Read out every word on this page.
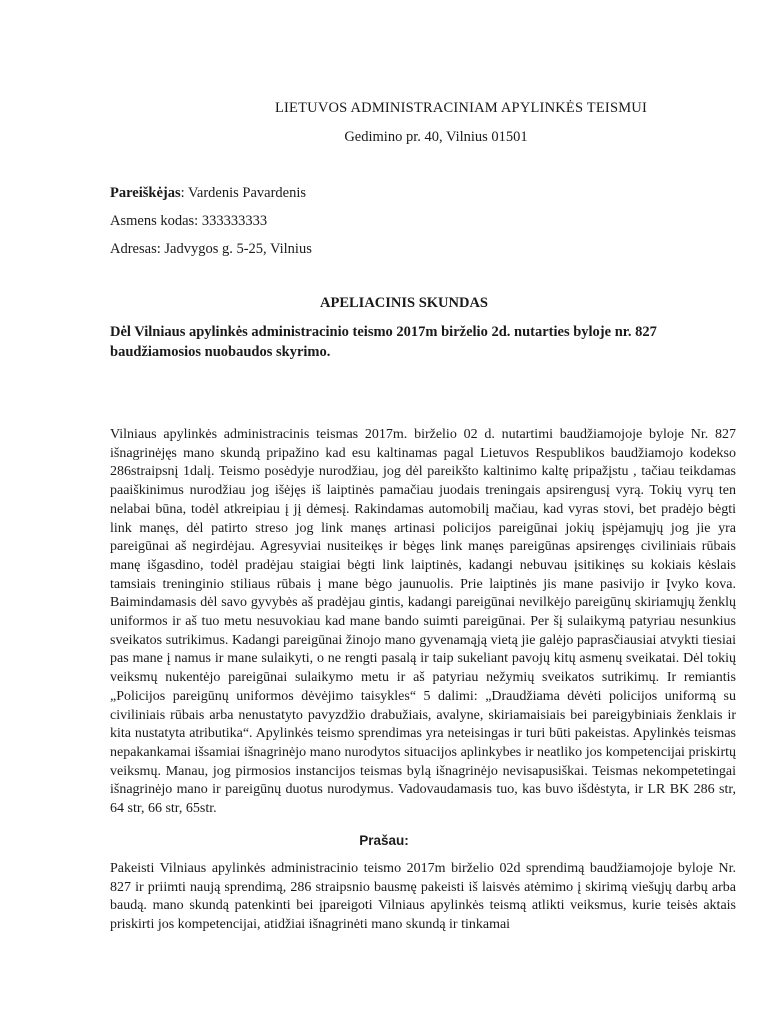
LIETUVOS ADMINISTRACINIAM APYLINKĖS TEISMUI
Gedimino pr. 40, Vilnius 01501
Pareiškėjas: Vardenis Pavardenis
Asmens kodas: 333333333
Adresas: Jadvygos g. 5-25, Vilnius
APELIACINIS SKUNDAS
Dėl Vilniaus apylinkės administracinio teismo 2017m birželio 2d. nutarties byloje nr. 827 baudžiamosios nuobaudos skyrimo.

Vilniaus apylinkės administracinis teismas 2017m. birželio 02 d. nutartimi baudžiamojoje byloje Nr. 827 išnagrinėjęs mano skundą pripažino kad esu kaltinamas pagal Lietuvos Respublikos baudžiamojo kodekso 286straipsnį 1dalį. Teismo posėdyje nurodžiau, jog dėl pareikšto kaltinimo kaltę pripažįstu , tačiau teikdamas paaiškinimus nurodžiau jog išėjęs iš laiptinės pamačiau juodais treningais apsirengusį vyrą. Tokių vyrų ten nelabai būna, todėl atkreipiau į jį dėmesį. Rakindamas automobilį mačiau, kad vyras stovi, bet pradėjo bėgti link manęs, dėl patirto streso jog link manęs artinasi policijos pareigūnai jokių įspėjamųjų jog jie yra pareigūnai aš negirdėjau. Agresyviai nusiteikęs ir bėgęs link manęs pareigūnas apsirengęs civiliniais rūbais manę išgasdino, todėl pradėjau staigiai bėgti link laiptinės, kadangi nebuvau įsitikinęs su kokiais kėslais tamsiais treninginio stiliaus rūbais į mane bėgo jaunuolis. Prie laiptinės jis mane pasivijo ir Įvyko kova. Baimindamasis dėl savo gyvybės aš pradėjau gintis, kadangi pareigūnai nevilkėjo pareigūnų skiriamųjų ženklų uniformos ir aš tuo metu nesuvokiau kad mane bando suimti pareigūnai. Per šį sulaikymą patyriau nesunkius sveikatos sutrikimus. Kadangi pareigūnai žinojo mano gyvenamąją vietą jie galėjo paprasčiausiai atvykti tiesiai pas mane į namus ir mane sulaikyti, o ne rengti pasalą ir taip sukeliant pavojų kitų asmenų sveikatai. Dėl tokių veiksmų nukentėjo pareigūnai sulaikymo metu ir aš patyriau nežymių sveikatos sutrikimų. Ir remiantis „Policijos pareigūnų uniformos dėvėjimo taisykles“ 5 dalimi: „Draudžiama dėvėti policijos uniformą su civiliniais rūbais arba nenustatyto pavyzdžio drabužiais, avalyne, skiriamaisiais bei pareigybiniais ženklais ir kita nustatyta atributika“. Apylinkės teismo sprendimas yra neteisingas ir turi būti pakeistas. Apylinkės teismas nepakankamai išsamiai išnagrinėjo mano nurodytos situacijos aplinkybes ir neatliko jos kompetencijai priskirtų veiksmų. Manau, jog pirmosios instancijos teismas bylą išnagrinėjo nevisapusiškai. Teismas nekompetetingai išnagrinėjo mano ir pareigūnų duotus nurodymus. Vadovaudamasis tuo, kas buvo išdėstyta, ir LR BK 286 str, 64 str, 66 str, 65str.

Prašau:

Pakeisti Vilniaus apylinkės administracinio teismo 2017m birželio 02d sprendimą baudžiamojoje byloje Nr. 827 ir priimti naują sprendimą, 286 straipsnio bausmę pakeisti iš laisvės atėmimo į skirimą viešųjų darbų arba baudą. mano skundą patenkinti bei įpareigoti Vilniaus apylinkės teismą atlikti veiksmus, kurie teisės aktais priskirti jos kompetencijai, atidžiai išnagrinėti mano skundą ir tinkamai
